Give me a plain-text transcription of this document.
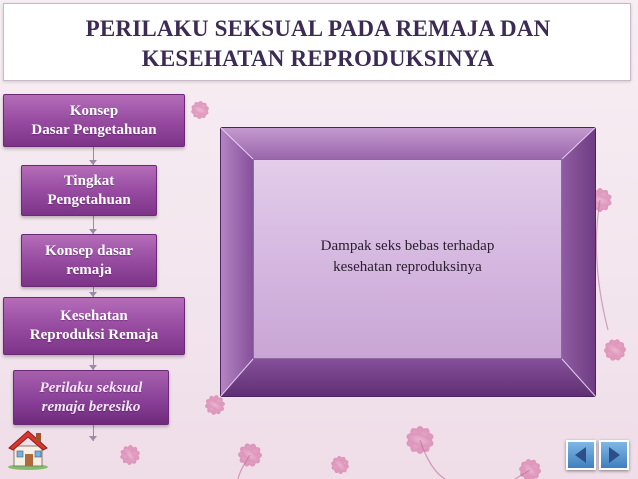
PERILAKU SEKSUAL PADA REMAJA DAN
KESEHATAN REPRODUKSINYA
Konsep
Dasar Pengetahuan
Tingkat
Pengetahuan
Konsep dasar
remaja
Kesehatan
Reproduksi Remaja
Perilaku seksual
remaja beresiko
Dampak seks bebas terhadap
kesehatan reproduksinya
